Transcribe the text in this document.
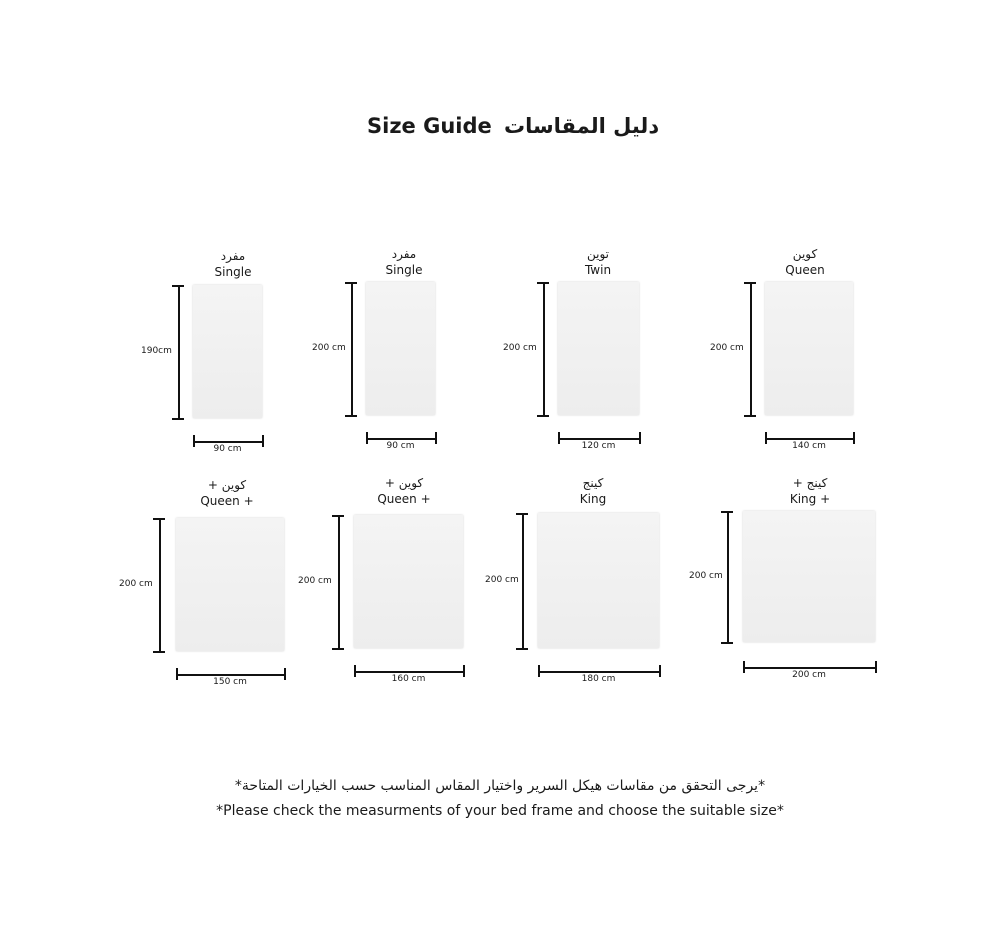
Size Guide دليل المقاسات
مفرد
Single
190cm
90 cm
مفرد
Single
200 cm
90 cm
توين
Twin
200 cm
120 cm
كوين
Queen
200 cm
140 cm
كوين +
Queen +
200 cm
150 cm
كوين +
Queen +
200 cm
160 cm
كينج
King
200 cm
180 cm
كينج +
King +
200 cm
200 cm
*يرجى التحقق من مقاسات هيكل السرير واختيار المقاس المناسب حسب الخيارات المتاحة*
*Please check the measurments of your bed frame and choose the suitable size*
